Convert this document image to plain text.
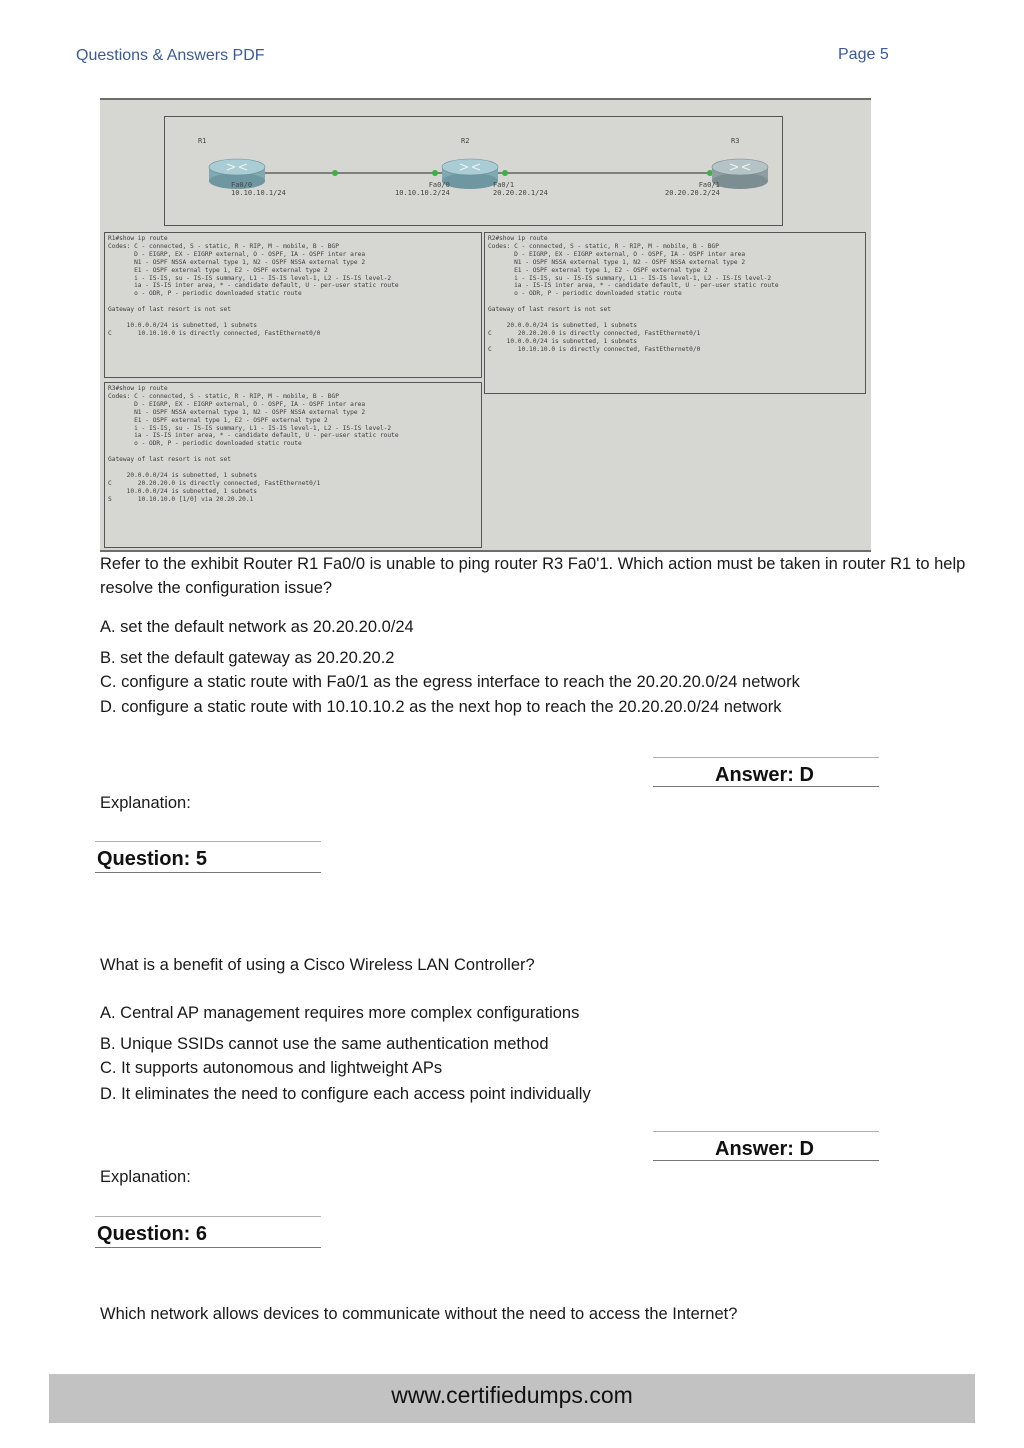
Questions & Answers PDF	Page 5
R1	R2	R3
Fa0/0
10.10.10.1/24
Fa0/0
10.10.10.2/24
Fa0/1
20.20.20.1/24
Fa0/1
20.20.20.2/24
R1#show ip route
Codes: C - connected, S - static, R - RIP, M - mobile, B - BGP
D - EIGRP, EX - EIGRP external, O - OSPF, IA - OSPF inter area
N1 - OSPF NSSA external type 1, N2 - OSPF NSSA external type 2
E1 - OSPF external type 1, E2 - OSPF external type 2
i - IS-IS, su - IS-IS summary, L1 - IS-IS level-1, L2 - IS-IS level-2
ia - IS-IS inter area, * - candidate default, U - per-user static route
o - ODR, P - periodic downloaded static route

Gateway of last resort is not set

10.0.0.0/24 is subnetted, 1 subnets
C       10.10.10.0 is directly connected, FastEthernet0/0
R2#show ip route
Codes: C - connected, S - static, R - RIP, M - mobile, B - BGP
D - EIGRP, EX - EIGRP external, O - OSPF, IA - OSPF inter area
N1 - OSPF NSSA external type 1, N2 - OSPF NSSA external type 2
E1 - OSPF external type 1, E2 - OSPF external type 2
i - IS-IS, su - IS-IS summary, L1 - IS-IS level-1, L2 - IS-IS level-2
ia - IS-IS inter area, * - candidate default, U - per-user static route
o - ODR, P - periodic downloaded static route

Gateway of last resort is not set

20.0.0.0/24 is subnetted, 1 subnets
C       20.20.20.0 is directly connected, FastEthernet0/1
10.0.0.0/24 is subnetted, 1 subnets
C       10.10.10.0 is directly connected, FastEthernet0/0
R3#show ip route
Codes: C - connected, S - static, R - RIP, M - mobile, B - BGP
D - EIGRP, EX - EIGRP external, O - OSPF, IA - OSPF inter area
N1 - OSPF NSSA external type 1, N2 - OSPF NSSA external type 2
E1 - OSPF external type 1, E2 - OSPF external type 2
i - IS-IS, su - IS-IS summary, L1 - IS-IS level-1, L2 - IS-IS level-2
ia - IS-IS inter area, * - candidate default, U - per-user static route
o - ODR, P - periodic downloaded static route

Gateway of last resort is not set

20.0.0.0/24 is subnetted, 1 subnets
C       20.20.20.0 is directly connected, FastEthernet0/1
10.0.0.0/24 is subnetted, 1 subnets
S       10.10.10.0 [1/0] via 20.20.20.1
Refer to the exhibit Router R1 Fa0/0 is unable to ping router R3 Fa0'1. Which action must be taken in router R1 to help resolve the configuration issue?
A. set the default network as 20.20.20.0/24
B. set the default gateway as 20.20.20.2
C. configure a static route with Fa0/1 as the egress interface to reach the 20.20.20.0/24 network
D. configure a static route with 10.10.10.2 as the next hop to reach the 20.20.20.0/24 network
Answer: D
Explanation:
Question: 5
What is a benefit of using a Cisco Wireless LAN Controller?
A. Central AP management requires more complex configurations
B. Unique SSIDs cannot use the same authentication method
C. It supports autonomous and lightweight APs
D. It eliminates the need to configure each access point individually
Answer: D
Explanation:
Question: 6
Which network allows devices to communicate without the need to access the Internet?
www.certifiedumps.com
